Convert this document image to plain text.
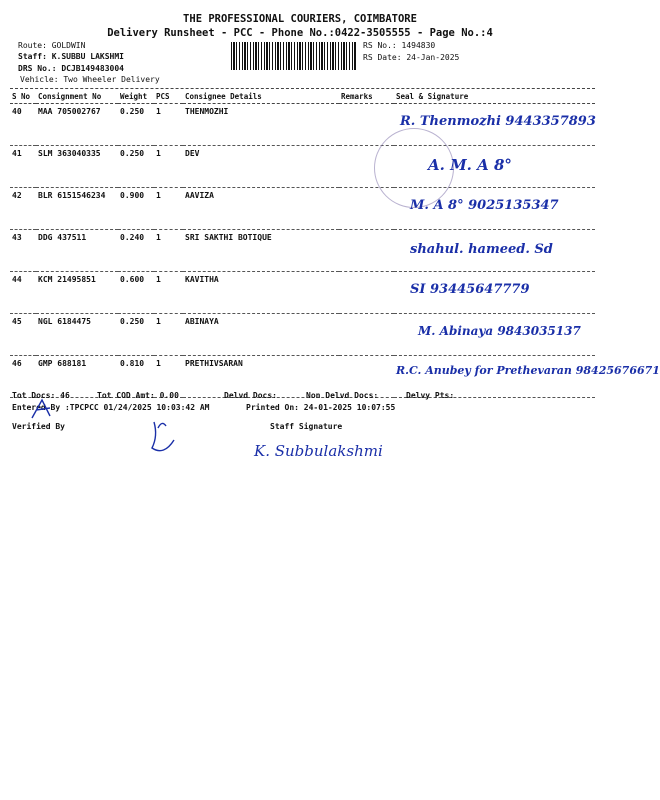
THE PROFESSIONAL COURIERS, COIMBATORE
Delivery Runsheet - PCC - Phone No.:0422-3505555 - Page No.:4
Route: GOLDWIN
Staff: K.SUBBU LAKSHMI
DRS No.: DCJB149483004
Vehicle: Two Wheeler Delivery
RS No.: 1494830
RS Date: 24-Jan-2025
S No	Consignment No	Weight	PCS	Consignee Details	Remarks	Seal & Signature
40	MAA 705002767	0.250	1	THENMOZHI		R. Thenmozhi 9443357893

41	SLM 363040335	0.250	1	DEV		A. M. A 8°

42	BLR 6151546234	0.900	1	AAVIZA		M. A 8° 9025135347

43	DDG 437511	0.240	1	SRI SAKTHI BOTIQUE		shahul. hameed. Sd

44	KCM 21495851	0.600	1	KAVITHA		SI 93445647779

45	NGL 6184475	0.250	1	ABINAYA		M. Abinaya 9843035137

46	GMP 688181	0.810	1	PRETHIVSARAN		R.C. Anubey for Prethevaran 98425676671
Tot Docs: 46	Tot COD Amt: 0.00	Delvd Docs:	Non Delvd Docs:	Delvy Pts:
Entered By :TPCPCC 01/24/2025 10:03:42 AM	Printed On: 24-01-2025 10:07:55
Verified By	Staff Signature
K. Subbulakshmi
